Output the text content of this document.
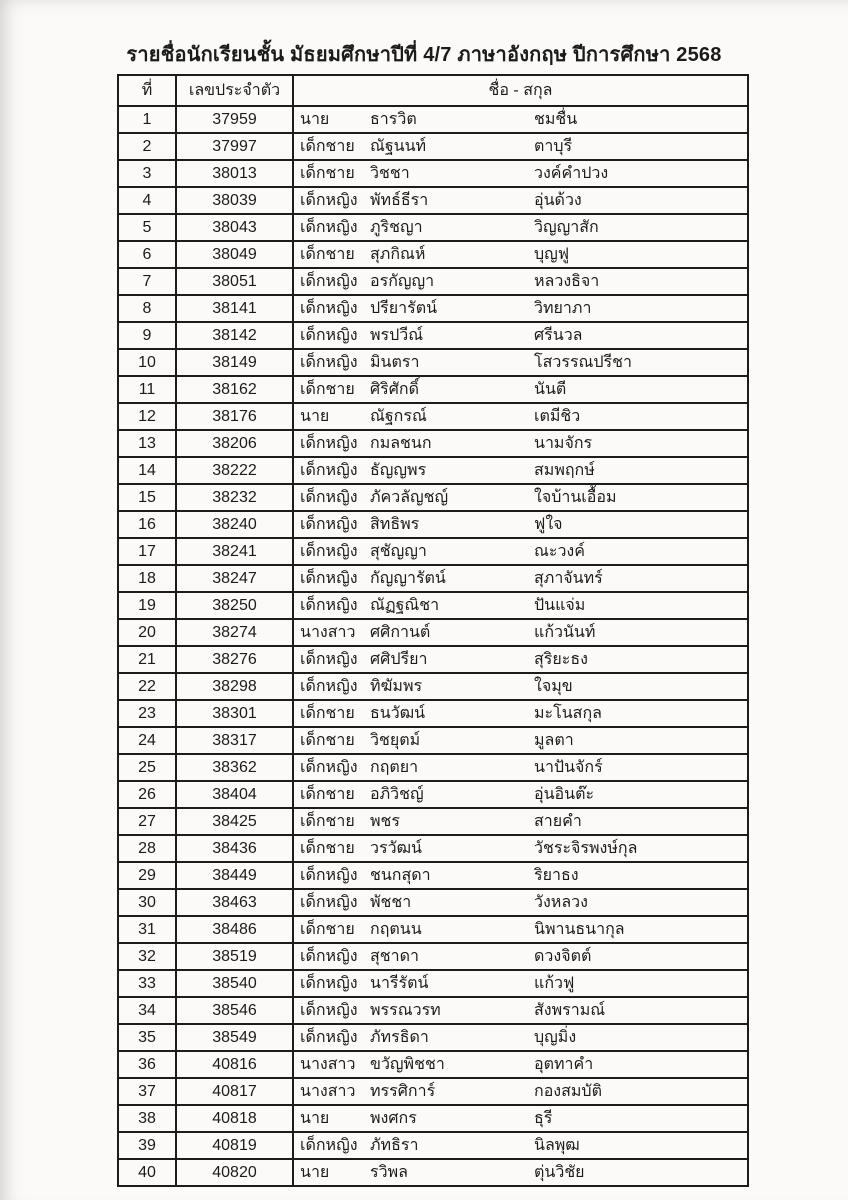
รายชื่อนักเรียนชั้น มัธยมศึกษาปีที่ 4/7 ภาษาอังกฤษ ปีการศึกษา 2568
ที่	เลขประจำตัว	ชื่อ - สกุล
1	37959	นาย ธารวิต ชมชื่น

2	37997	เด็กชาย ณัฐนนท์ ตาบุรี

3	38013	เด็กชาย วิชชา วงค์คำปวง

4	38039	เด็กหญิง พัทธ์ธีรา อุ่นด้วง

5	38043	เด็กหญิง ภูริชญา วิญญาสัก

6	38049	เด็กชาย สุภกิณห์ บุญฟู

7	38051	เด็กหญิง อรกัญญา หลวงธิจา

8	38141	เด็กหญิง ปรียารัตน์ วิทยาภา

9	38142	เด็กหญิง พรปวีณ์ ศรีนวล

10	38149	เด็กหญิง มินตรา โสวรรณปรีชา

11	38162	เด็กชาย ศิริศักดิ์ นันตี

12	38176	นาย ณัฐกรณ์ เตมีชิว

13	38206	เด็กหญิง กมลชนก นามจักร

14	38222	เด็กหญิง ธัญญพร สมพฤกษ์

15	38232	เด็กหญิง ภัควลัญชญ์ ใจบ้านเอื้อม

16	38240	เด็กหญิง สิทธิพร ฟูใจ

17	38241	เด็กหญิง สุชัญญา ณะวงค์

18	38247	เด็กหญิง กัญญารัตน์ สุภาจันทร์

19	38250	เด็กหญิง ณัฏฐณิชา ปันแจ่ม

20	38274	นางสาว ศศิกานต์ แก้วนันท์

21	38276	เด็กหญิง ศศิปรียา สุริยะธง

22	38298	เด็กหญิง ทิฆัมพร ใจมุข

23	38301	เด็กชาย ธนวัฒน์ มะโนสกุล

24	38317	เด็กชาย วิชยุตม์ มูลตา

25	38362	เด็กหญิง กฤตยา นาปันจักร์

26	38404	เด็กชาย อภิวิชญ์ อุ่นอินต๊ะ

27	38425	เด็กชาย พชร สายคำ

28	38436	เด็กชาย วรวัฒน์ วัชระจิรพงษ์กุล

29	38449	เด็กหญิง ชนกสุดา ริยาธง

30	38463	เด็กหญิง พัชชา วังหลวง

31	38486	เด็กชาย กฤตนน นิพานธนากุล

32	38519	เด็กหญิง สุชาดา ดวงจิตต์

33	38540	เด็กหญิง นารีรัตน์ แก้วฟู

34	38546	เด็กหญิง พรรณวรท สังพรามณ์

35	38549	เด็กหญิง ภัทรธิดา บุญมิ่ง

36	40816	นางสาว ขวัญพิชชา อุตทาคำ

37	40817	นางสาว ทรรศิการ์ กองสมบัติ

38	40818	นาย พงศกร ธุรี

39	40819	เด็กหญิง ภัทธิรา นิลพุฒ

40	40820	นาย รวิพล ตุ่นวิชัย
